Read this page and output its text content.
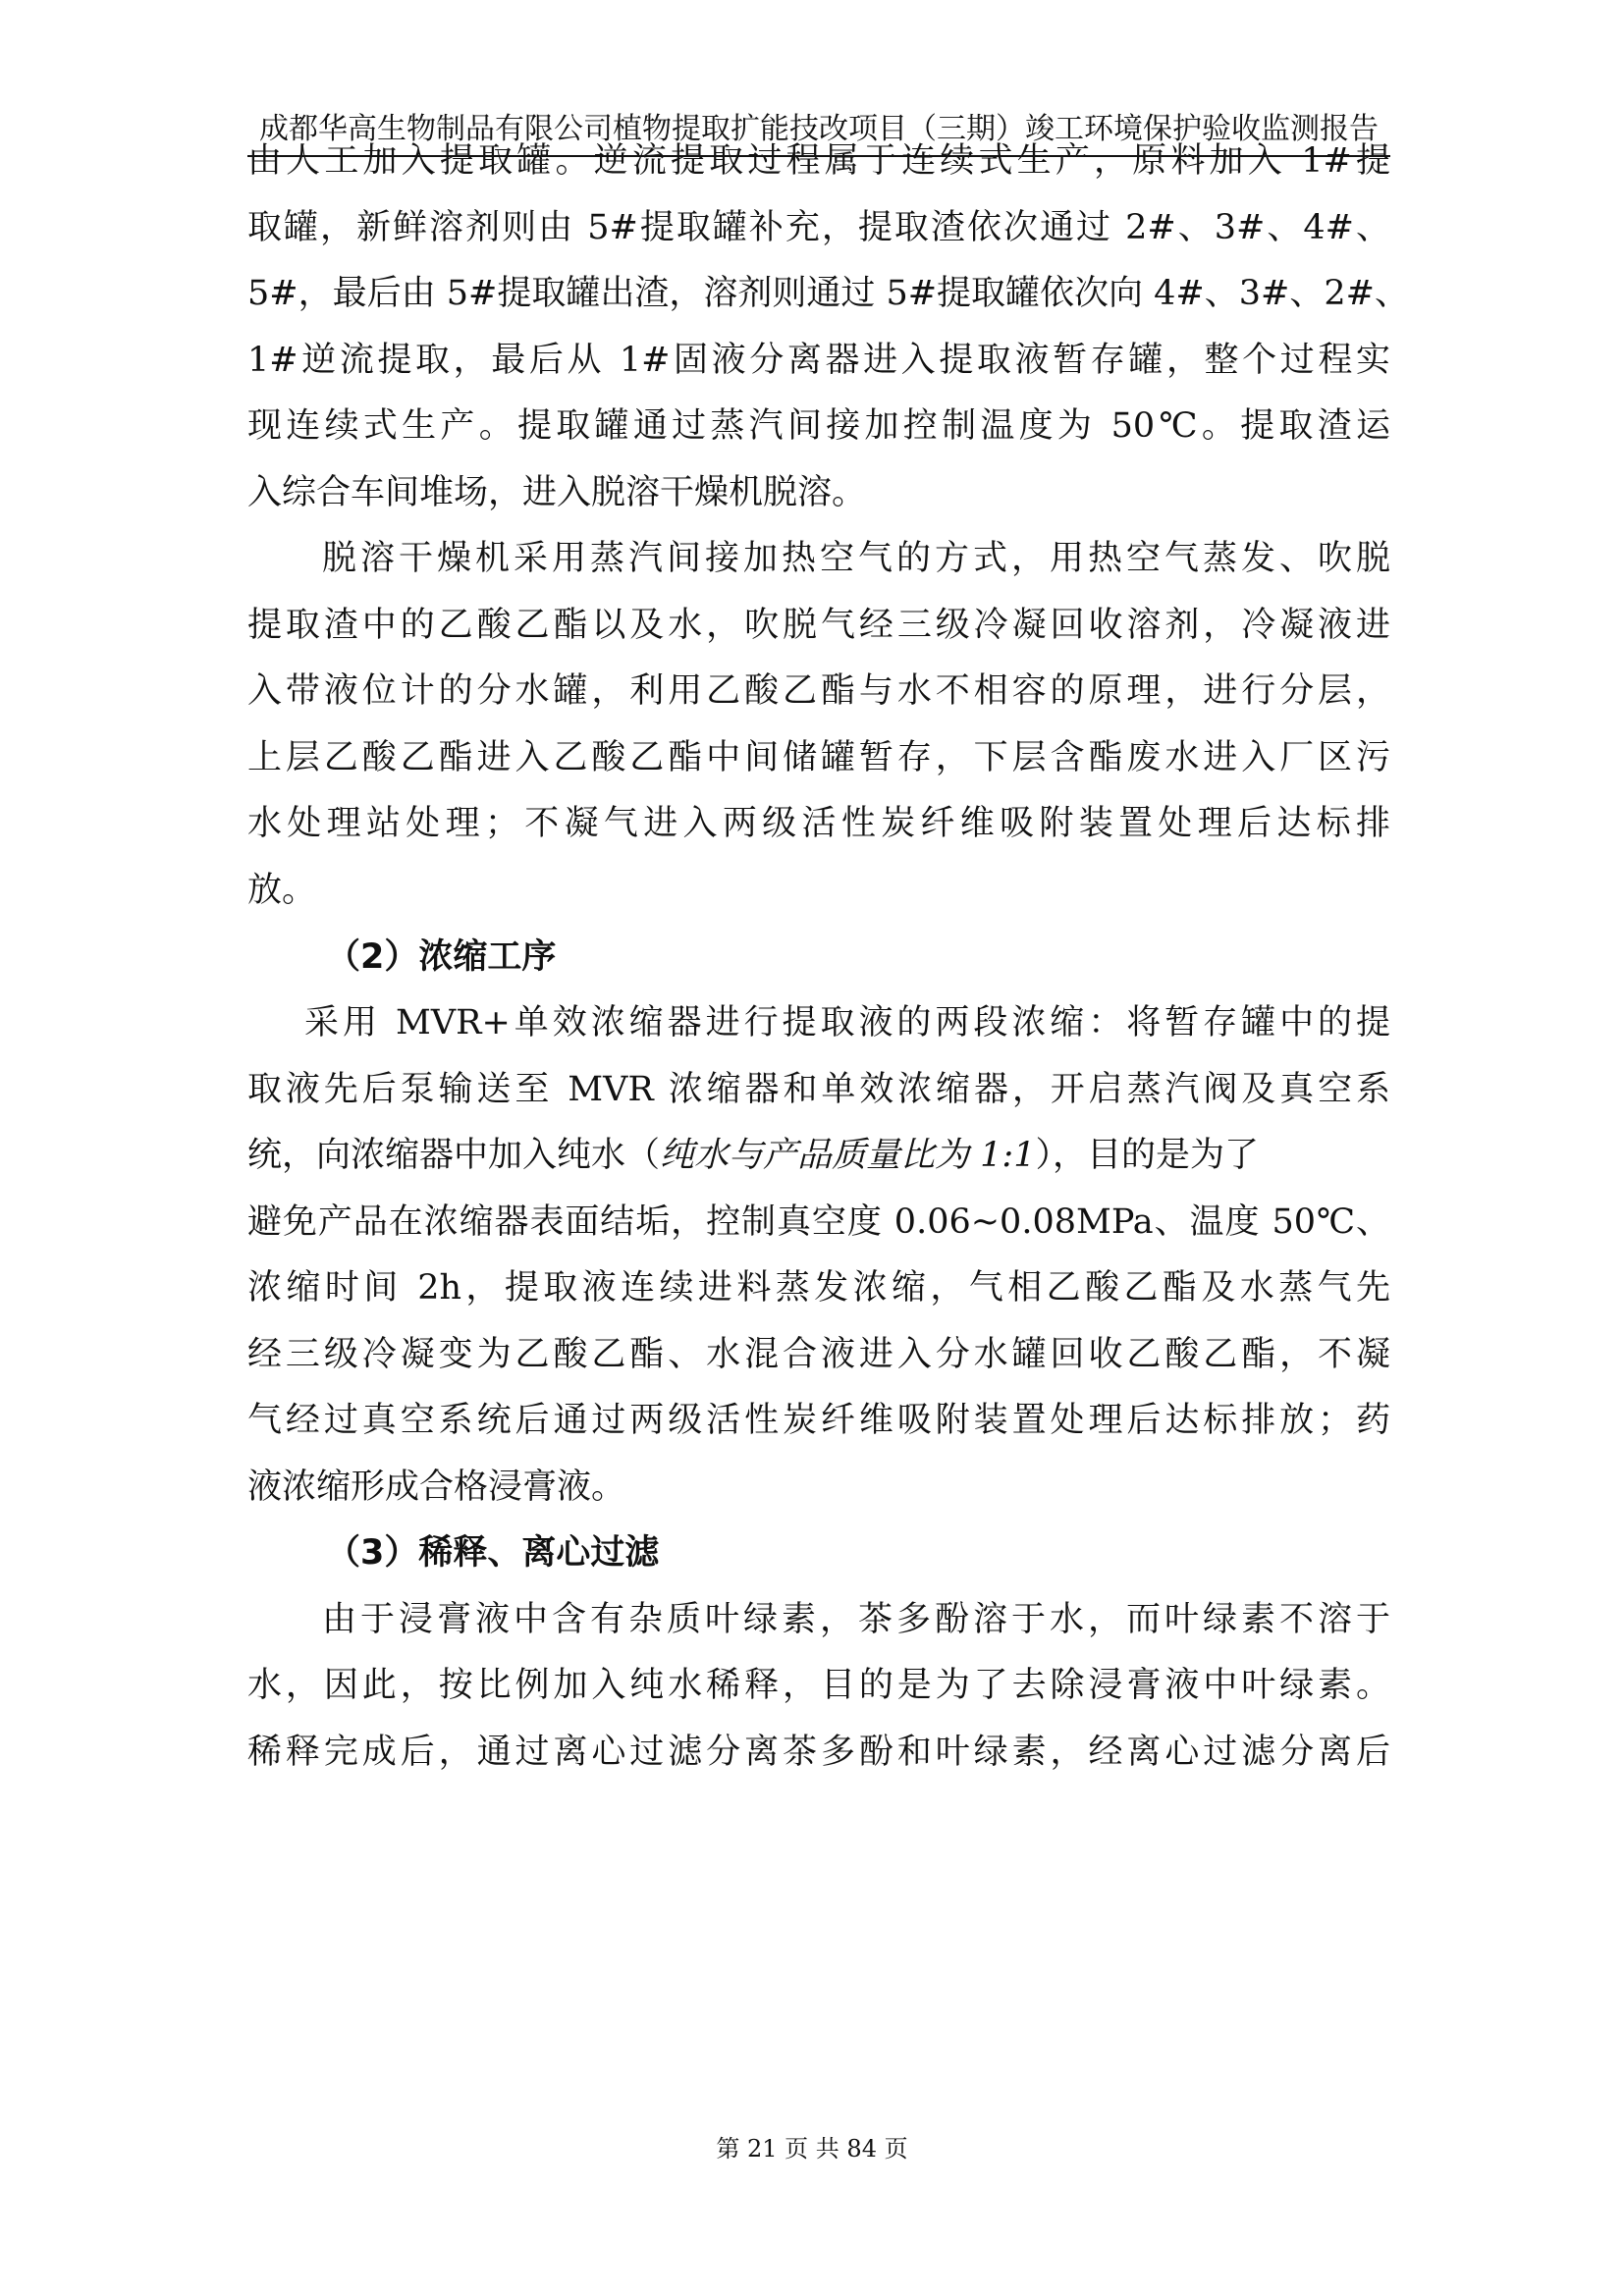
成都华高生物制品有限公司植物提取扩能技改项目（三期）竣工环境保护验收监测报告
由人工加入提取罐。逆流提取过程属于连续式生产，原料加入 1#提
取罐，新鲜溶剂则由 5#提取罐补充，提取渣依次通过 2#、3#、4#、
5#，最后由 5#提取罐出渣，溶剂则通过 5#提取罐依次向 4#、3#、2#、
1#逆流提取，最后从 1#固液分离器进入提取液暂存罐，整个过程实
现连续式生产。提取罐通过蒸汽间接加控制温度为 50℃。提取渣运
入综合车间堆场，进入脱溶干燥机脱溶。
脱溶干燥机采用蒸汽间接加热空气的方式，用热空气蒸发、吹脱
提取渣中的乙酸乙酯以及水，吹脱气经三级冷凝回收溶剂，冷凝液进
入带液位计的分水罐，利用乙酸乙酯与水不相容的原理，进行分层，
上层乙酸乙酯进入乙酸乙酯中间储罐暂存，下层含酯废水进入厂区污
水处理站处理；不凝气进入两级活性炭纤维吸附装置处理后达标排
放。
（2）浓缩工序
采用 MVR+单效浓缩器进行提取液的两段浓缩：将暂存罐中的提
取液先后泵输送至 MVR 浓缩器和单效浓缩器，开启蒸汽阀及真空系
统，向浓缩器中加入纯水（纯水与产品质量比为 1:1），目的是为了
避免产品在浓缩器表面结垢，控制真空度 0.06~0.08MPa、温度 50℃、
浓缩时间 2h，提取液连续进料蒸发浓缩，气相乙酸乙酯及水蒸气先
经三级冷凝变为乙酸乙酯、水混合液进入分水罐回收乙酸乙酯，不凝
气经过真空系统后通过两级活性炭纤维吸附装置处理后达标排放；药
液浓缩形成合格浸膏液。
（3）稀释、离心过滤
由于浸膏液中含有杂质叶绿素，茶多酚溶于水，而叶绿素不溶于
水，因此，按比例加入纯水稀释，目的是为了去除浸膏液中叶绿素。
稀释完成后，通过离心过滤分离茶多酚和叶绿素，经离心过滤分离后
第 21 页 共 84 页
